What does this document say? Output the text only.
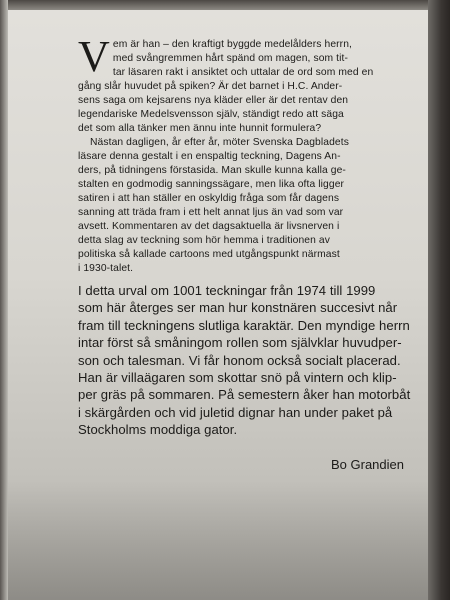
V em är han – den kraftigt byggde medelålders herrn,

med svångremmen hårt spänd om magen, som tit-

tar läsaren rakt i ansiktet och uttalar de ord som med en

gång slår huvudet på spiken? Är det barnet i H.C. Ander-

sens saga om kejsarens nya kläder eller är det rentav den

legendariske Medelsvensson själv, ständigt redo att säga

det som alla tänker men ännu inte hunnit formulera?

Nästan dagligen, år efter år, möter Svenska Dagbladets

läsare denna gestalt i en enspaltig teckning, Dagens An-

ders, på tidningens förstasida. Man skulle kunna kalla ge-

stalten en godmodig sanningssägare, men lika ofta ligger

satiren i att han ställer en oskyldig fråga som får dagens

sanning att träda fram i ett helt annat ljus än vad som var

avsett. Kommentaren av det dagsaktuella är livsnerven i

detta slag av teckning som hör hemma i traditionen av

politiska så kallade cartoons med utgångspunkt närmast

i 1930-talet.

I detta urval om 1001 teckningar från 1974 till 1999

som här återges ser man hur konstnären succesivt når

fram till teckningens slutliga karaktär. Den myndige herrn

intar först så småningom rollen som självklar huvudper-

son och talesman. Vi får honom också socialt placerad.

Han är villaägaren som skottar snö på vintern och klip-

per gräs på sommaren. På semestern åker han motorbåt

i skärgården och vid juletid dignar han under paket på

Stockholms moddiga gator.

Bo Grandien
